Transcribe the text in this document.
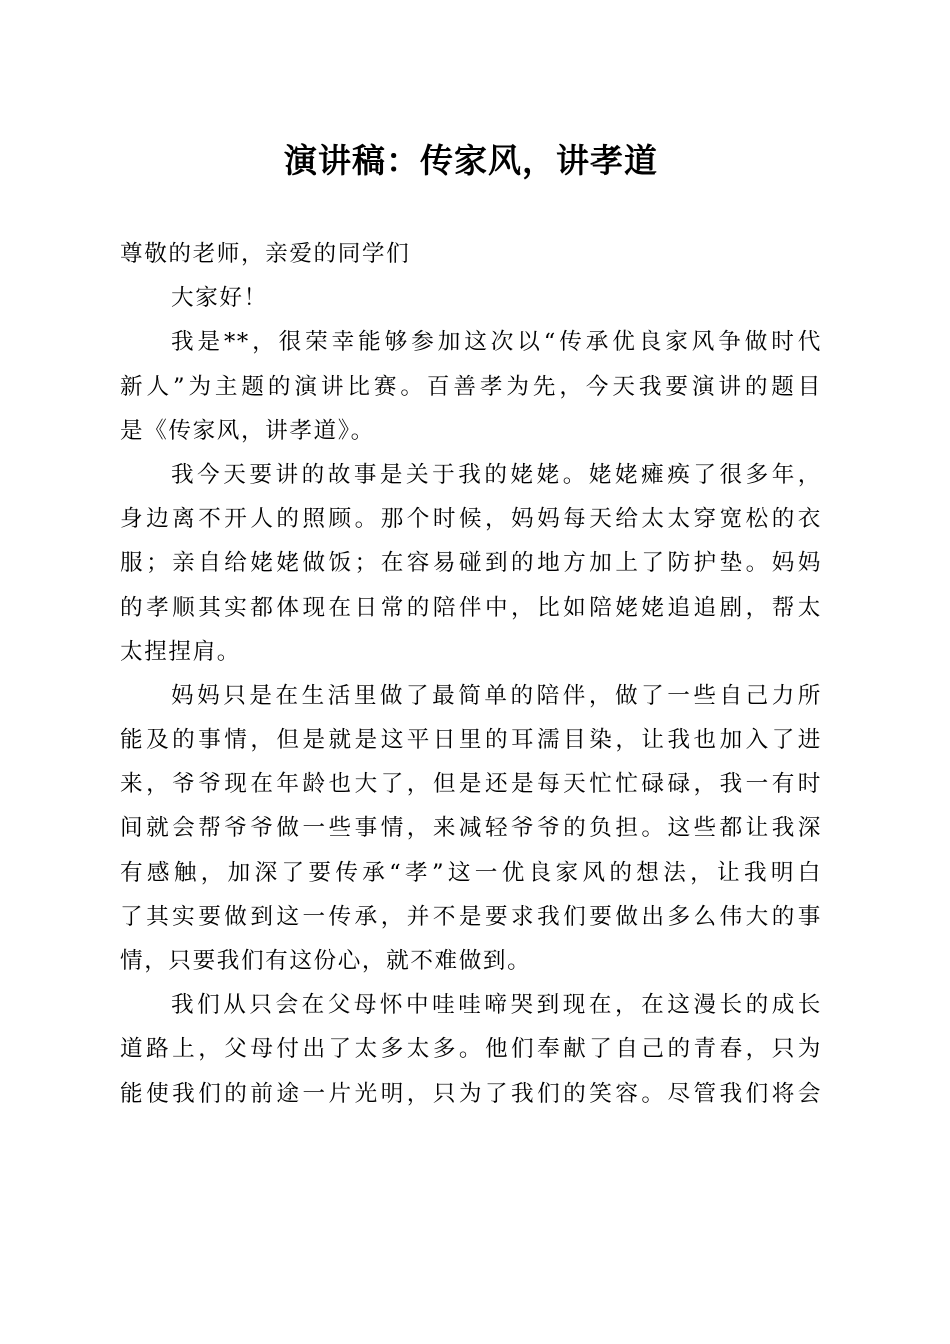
演讲稿：传家风，讲孝道
尊敬的老师，亲爱的同学们
大家好！
我是**，很荣幸能够参加这次以“传承优良家风争做时代
新人”为主题的演讲比赛。百善孝为先，今天我要演讲的题目
是《传家风，讲孝道》。
我今天要讲的故事是关于我的姥姥。姥姥瘫痪了很多年，
身边离不开人的照顾。那个时候，妈妈每天给太太穿宽松的衣
服；亲自给姥姥做饭；在容易碰到的地方加上了防护垫。妈妈
的孝顺其实都体现在日常的陪伴中，比如陪姥姥追追剧，帮太
太捏捏肩。
妈妈只是在生活里做了最简单的陪伴，做了一些自己力所
能及的事情，但是就是这平日里的耳濡目染，让我也加入了进
来，爷爷现在年龄也大了，但是还是每天忙忙碌碌，我一有时
间就会帮爷爷做一些事情，来减轻爷爷的负担。这些都让我深
有感触，加深了要传承“孝”这一优良家风的想法，让我明白
了其实要做到这一传承，并不是要求我们要做出多么伟大的事
情，只要我们有这份心，就不难做到。
我们从只会在父母怀中哇哇啼哭到现在，在这漫长的成长
道路上，父母付出了太多太多。他们奉献了自己的青春，只为
能使我们的前途一片光明，只为了我们的笑容。尽管我们将会
